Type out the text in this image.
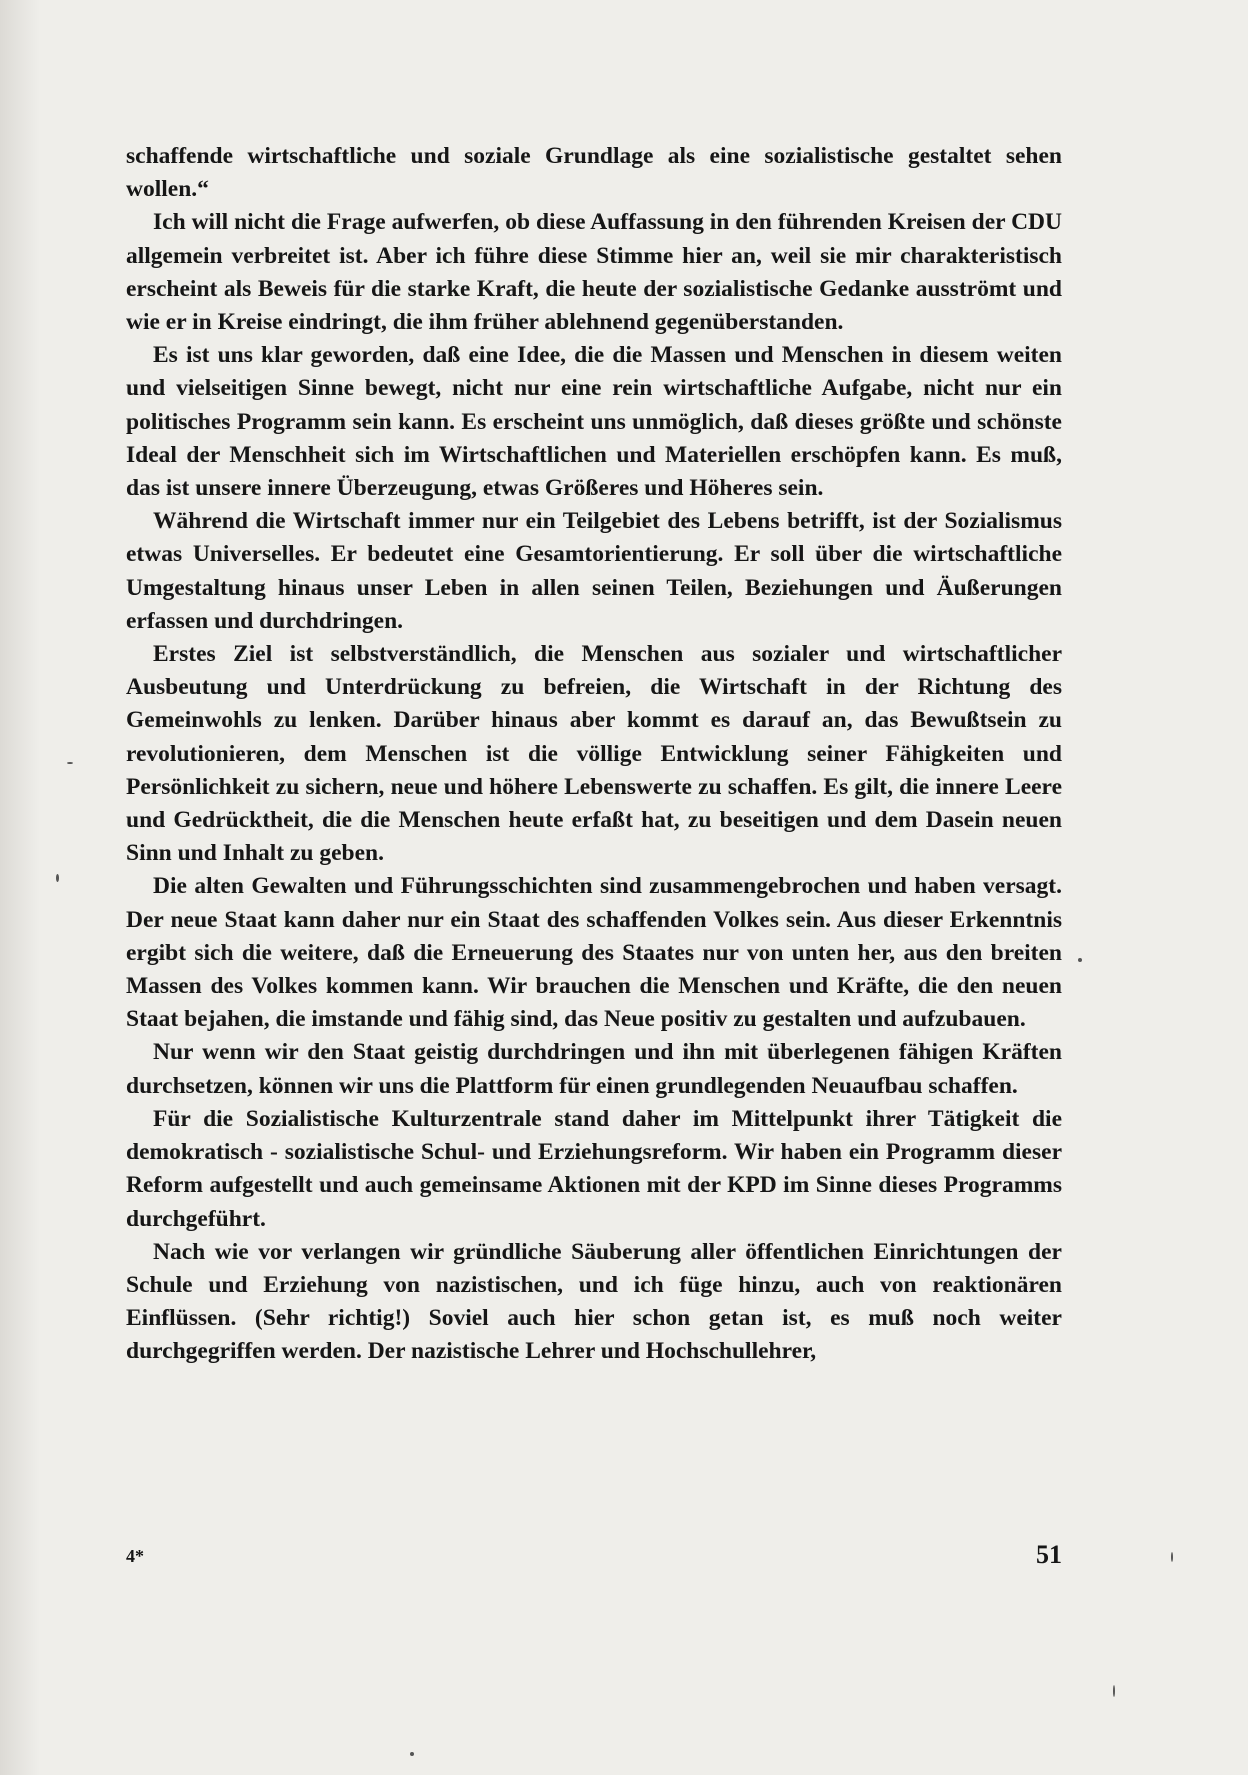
schaffende wirtschaftliche und soziale Grundlage als eine sozialistische gestaltet sehen wollen.“

Ich will nicht die Frage aufwerfen, ob diese Auffassung in den führenden Kreisen der CDU allgemein verbreitet ist. Aber ich führe diese Stimme hier an, weil sie mir charakteristisch erscheint als Beweis für die starke Kraft, die heute der sozialistische Gedanke ausströmt und wie er in Kreise eindringt, die ihm früher ablehnend gegenüberstanden.

Es ist uns klar geworden, daß eine Idee, die die Massen und Menschen in diesem weiten und vielseitigen Sinne bewegt, nicht nur eine rein wirtschaftliche Aufgabe, nicht nur ein politisches Programm sein kann. Es erscheint uns unmöglich, daß dieses größte und schönste Ideal der Menschheit sich im Wirtschaftlichen und Materiellen erschöpfen kann. Es muß, das ist unsere innere Überzeugung, etwas Größeres und Höheres sein.

Während die Wirtschaft immer nur ein Teilgebiet des Lebens betrifft, ist der Sozialismus etwas Universelles. Er bedeutet eine Gesamtorientierung. Er soll über die wirtschaftliche Umgestaltung hinaus unser Leben in allen seinen Teilen, Beziehungen und Äußerungen erfassen und durchdringen.

Erstes Ziel ist selbstverständlich, die Menschen aus sozialer und wirtschaftlicher Ausbeutung und Unterdrückung zu befreien, die Wirtschaft in der Richtung des Gemeinwohls zu lenken. Darüber hinaus aber kommt es darauf an, das Bewußtsein zu revolutionieren, dem Menschen ist die völlige Entwicklung seiner Fähigkeiten und Persönlichkeit zu sichern, neue und höhere Lebenswerte zu schaffen. Es gilt, die innere Leere und Gedrücktheit, die die Menschen heute erfaßt hat, zu beseitigen und dem Dasein neuen Sinn und Inhalt zu geben.

Die alten Gewalten und Führungsschichten sind zusammengebrochen und haben versagt. Der neue Staat kann daher nur ein Staat des schaffenden Volkes sein. Aus dieser Erkenntnis ergibt sich die weitere, daß die Erneuerung des Staates nur von unten her, aus den breiten Massen des Volkes kommen kann. Wir brauchen die Menschen und Kräfte, die den neuen Staat bejahen, die imstande und fähig sind, das Neue positiv zu gestalten und aufzubauen.

Nur wenn wir den Staat geistig durchdringen und ihn mit überlegenen fähigen Kräften durchsetzen, können wir uns die Plattform für einen grundlegenden Neuaufbau schaffen.

Für die Sozialistische Kulturzentrale stand daher im Mittelpunkt ihrer Tätigkeit die demokratisch - sozialistische Schul- und Erziehungsreform. Wir haben ein Programm dieser Reform aufgestellt und auch gemeinsame Aktionen mit der KPD im Sinne dieses Programms durchgeführt.

Nach wie vor verlangen wir gründliche Säuberung aller öffentlichen Einrichtungen der Schule und Erziehung von nazistischen, und ich füge hinzu, auch von reaktionären Einflüssen. (Sehr richtig!) Soviel auch hier schon getan ist, es muß noch weiter durchgegriffen werden. Der nazistische Lehrer und Hochschullehrer,

4*	51
